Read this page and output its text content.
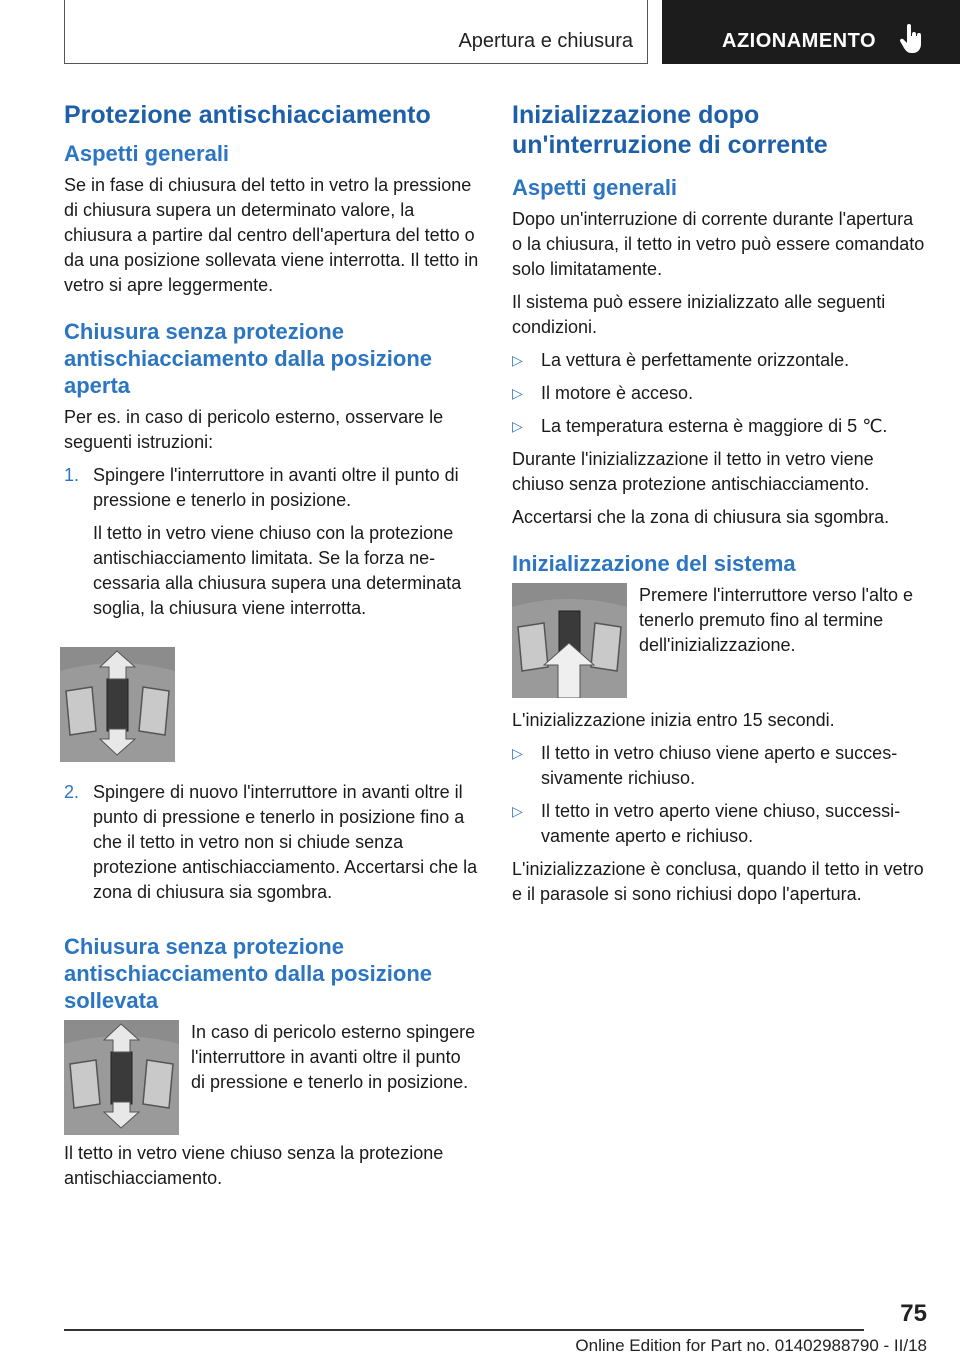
Apertura e chiusura	AZIONAMENTO
Protezione antischiacciamento
Aspetti generali

Se in fase di chiusura del tetto in vetro la pressione di chiusura supera un determinato valore, la chiusura a partire dal centro dell'apertura del tetto o da una posizione sollevata viene interrotta. Il tetto in vetro si apre leggermente.

Chiusura senza protezione antischiacciamento dalla posizione aperta

Per es. in caso di pericolo esterno, osservare le seguenti istruzioni:

1. Spingere l'interruttore in avanti oltre il punto di pressione e tenerlo in posizione.

Il tetto in vetro viene chiuso con la protezione antischiacciamento limitata. Se la forza necessaria alla chiusura supera una determinata soglia, la chiusura viene interrotta.

2. Spingere di nuovo l'interruttore in avanti oltre il punto di pressione e tenerlo in posizione fino a che il tetto in vetro non si chiude senza protezione antischiacciamento. Accertarsi che la zona di chiusura sia sgombra.

Chiusura senza protezione antischiacciamento dalla posizione sollevata

In caso di pericolo esterno spingere l'interruttore in avanti oltre il punto di pressione e tenerlo in posizione.

Il tetto in vetro viene chiuso senza la protezione antischiacciamento.

Inizializzazione dopo un'interruzione di corrente
Aspetti generali

Dopo un'interruzione di corrente durante l'apertura o la chiusura, il tetto in vetro può essere comandato solo limitatamente.

Il sistema può essere inizializzato alle seguenti condizioni.

▷	La vettura è perfettamente orizzontale.
▷	Il motore è acceso.
▷	La temperatura esterna è maggiore di 5 ℃.

Durante l'inizializzazione il tetto in vetro viene chiuso senza protezione antischiacciamento.

Accertarsi che la zona di chiusura sia sgombra.

Inizializzazione del sistema

Premere l'interruttore verso l'alto e tenerlo premuto fino al termine dell'inizializzazione.

L'inizializzazione inizia entro 15 secondi.

▷	Il tetto in vetro chiuso viene aperto e successivamente richiuso.
▷	Il tetto in vetro aperto viene chiuso, successivamente aperto e richiuso.

L'inizializzazione è conclusa, quando il tetto in vetro e il parasole si sono richiusi dopo l'apertura.

75
Online Edition for Part no. 01402988790 - II/18
